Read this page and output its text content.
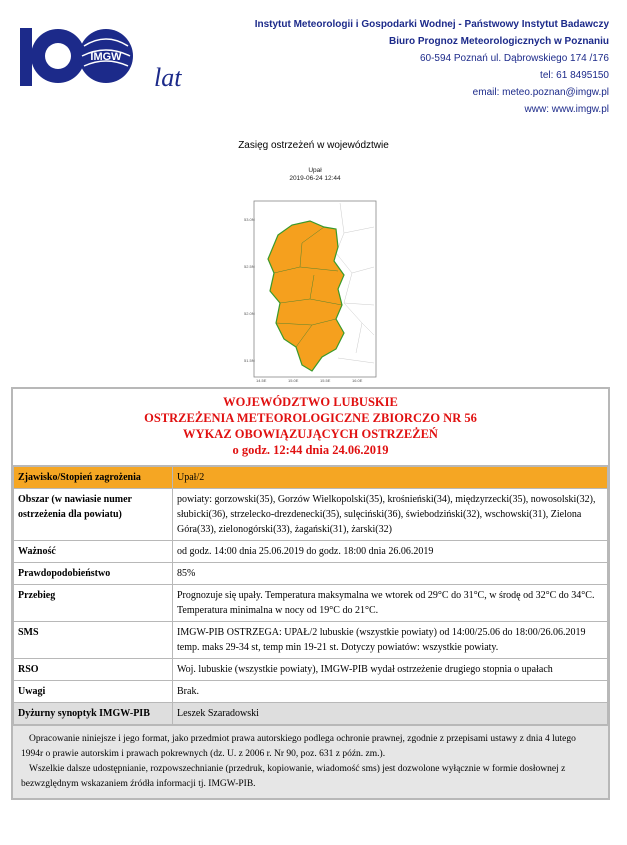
IMGW
lat
Instytut Meteorologii i Gospodarki Wodnej - Państwowy Instytut Badawczy
Biuro Prognoz Meteorologicznych w Poznaniu
60-594 Poznań ul. Dąbrowskiego 174 /176
tel: 61 8495150
email: meteo.poznan@imgw.pl
www: www.imgw.pl
Zasięg ostrzeżeń w województwie
Upał
2019-06-24 12:44
53.0N
52.5N
52.0N
51.5N
14.5E	15.0E	15.5E	16.0E
WOJEWÓDZTWO LUBUSKIE
OSTRZEŻENIA METEOROLOGICZNE ZBIORCZO NR 56
WYKAZ OBOWIĄZUJĄCYCH OSTRZEŻEŃ
o godz. 12:44 dnia 24.06.2019
Zjawisko/Stopień zagrożenia	Upał/2
Obszar (w nawiasie numer ostrzeżenia dla powiatu)	powiaty: gorzowski(35), Gorzów Wielkopolski(35), krośnieński(34), międzyrzecki(35), nowosolski(32), słubicki(36), strzelecko-drezdenecki(35), sulęciński(36), świebodziński(32), wschowski(31), Zielona Góra(33), zielonogórski(33), żagański(31), żarski(32)
Ważność	od godz. 14:00 dnia 25.06.2019 do godz. 18:00 dnia 26.06.2019
Prawdopodobieństwo	85%
Przebieg	Prognozuje się upały. Temperatura maksymalna we wtorek od 29°C do 31°C, w środę od 32°C do 34°C. Temperatura minimalna w nocy od 19°C do 21°C.
SMS	IMGW-PIB OSTRZEGA: UPAŁ/2 lubuskie (wszystkie powiaty) od 14:00/25.06 do 18:00/26.06.2019 temp. maks 29-34 st, temp min 19-21 st. Dotyczy powiatów: wszystkie powiaty.
RSO	Woj. lubuskie (wszystkie powiaty), IMGW-PIB wydał ostrzeżenie drugiego stopnia o upałach
Uwagi	Brak.
Dyżurny synoptyk IMGW-PIB	Leszek Szaradowski

Opracowanie niniejsze i jego format, jako przedmiot prawa autorskiego podlega ochronie prawnej, zgodnie z przepisami ustawy z dnia 4 lutego 1994r o prawie autorskim i prawach pokrewnych (dz. U. z 2006 r. Nr 90, poz. 631 z późn. zm.).

Wszelkie dalsze udostępnianie, rozpowszechnianie (przedruk, kopiowanie, wiadomość sms) jest dozwolone wyłącznie w formie dosłownej z bezwzględnym wskazaniem źródła informacji tj. IMGW-PIB.
